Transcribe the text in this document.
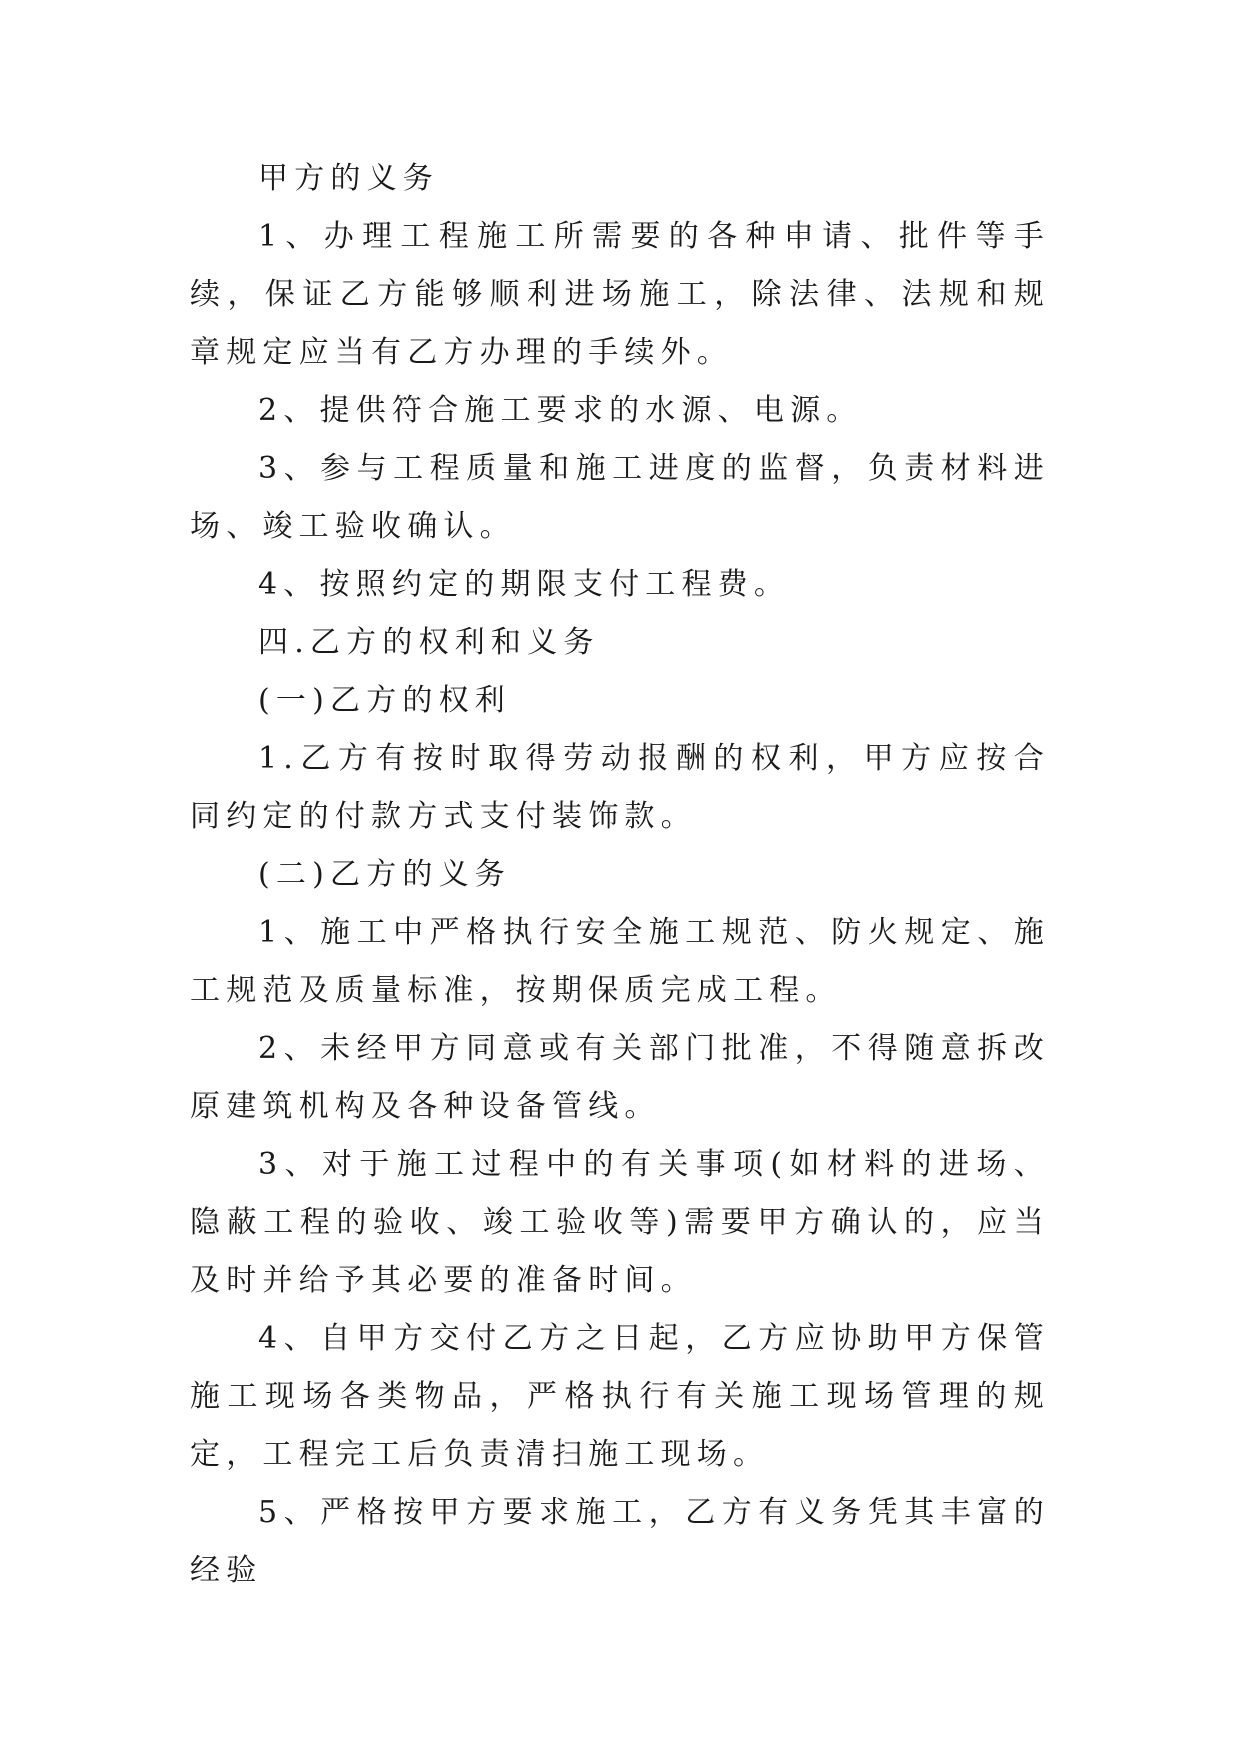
甲方的义务

1、办理工程施工所需要的各种申请、批件等手续，保证乙方能够顺利进场施工，除法律、法规和规章规定应当有乙方办理的手续外。

2、提供符合施工要求的水源、电源。

3、参与工程质量和施工进度的监督，负责材料进场、竣工验收确认。

4、按照约定的期限支付工程费。

四.乙方的权利和义务

(一)乙方的权利

1.乙方有按时取得劳动报酬的权利，甲方应按合同约定的付款方式支付装饰款。

(二)乙方的义务

1、施工中严格执行安全施工规范、防火规定、施工规范及质量标准，按期保质完成工程。

2、未经甲方同意或有关部门批准，不得随意拆改原建筑机构及各种设备管线。

3、对于施工过程中的有关事项(如材料的进场、隐蔽工程的验收、竣工验收等)需要甲方确认的，应当及时并给予其必要的准备时间。

4、自甲方交付乙方之日起，乙方应协助甲方保管施工现场各类物品，严格执行有关施工现场管理的规定，工程完工后负责清扫施工现场。

5、严格按甲方要求施工，乙方有义务凭其丰富的经验
